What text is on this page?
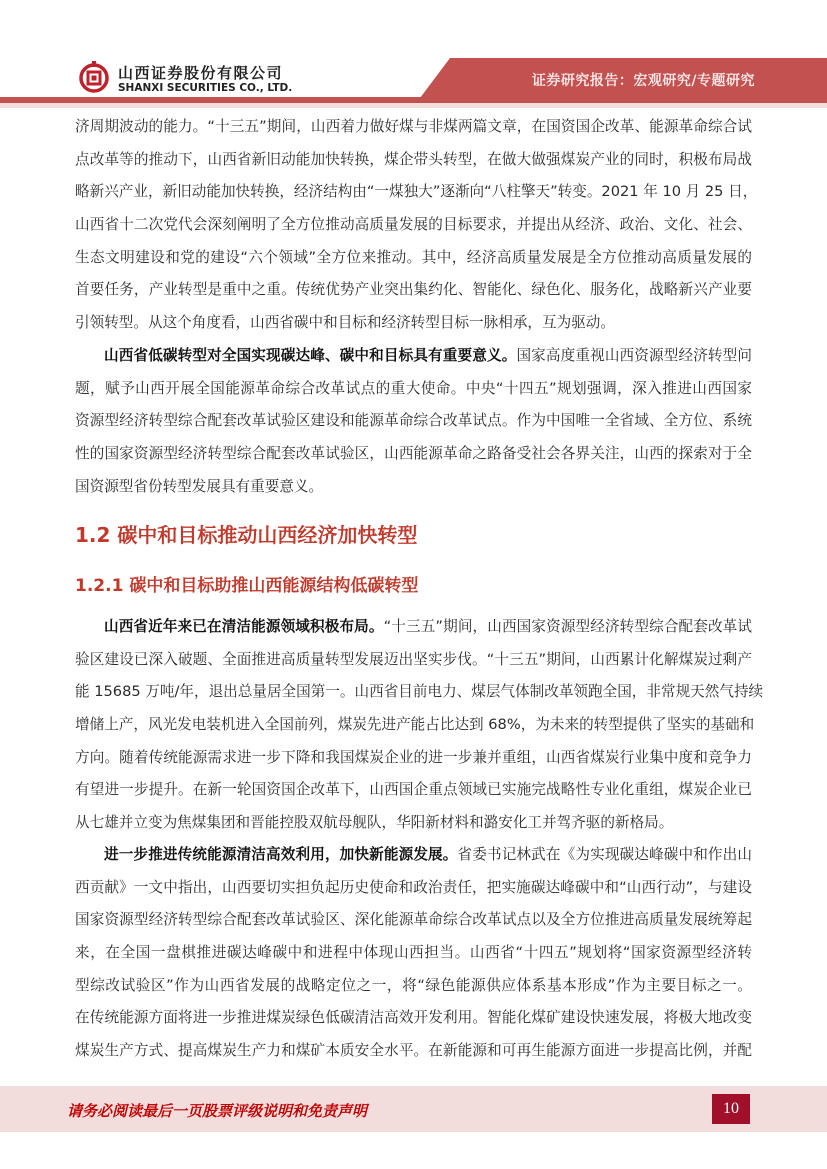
山西证券股份有限公司
SHANXI SECURITIES CO., LTD.	证券研究报告：宏观研究/专题研究
济周期波动的能力。“十三五”期间，山西着力做好煤与非煤两篇文章，在国资国企改革、能源革命综合试
点改革等的推动下，山西省新旧动能加快转换，煤企带头转型，在做大做强煤炭产业的同时，积极布局战
略新兴产业，新旧动能加快转换，经济结构由“一煤独大”逐渐向“八柱擎天”转变。2021 年 10 月 25 日，
山西省十二次党代会深刻阐明了全方位推动高质量发展的目标要求，并提出从经济、政治、文化、社会、
生态文明建设和党的建设“六个领域”全方位来推动。其中，经济高质量发展是全方位推动高质量发展的
首要任务，产业转型是重中之重。传统优势产业突出集约化、智能化、绿色化、服务化，战略新兴产业要
引领转型。从这个角度看，山西省碳中和目标和经济转型目标一脉相承，互为驱动。
山西省低碳转型对全国实现碳达峰、碳中和目标具有重要意义。国家高度重视山西资源型经济转型问
题，赋予山西开展全国能源革命综合改革试点的重大使命。中央“十四五”规划强调，深入推进山西国家
资源型经济转型综合配套改革试验区建设和能源革命综合改革试点。作为中国唯一全省域、全方位、系统
性的国家资源型经济转型综合配套改革试验区，山西能源革命之路备受社会各界关注，山西的探索对于全
国资源型省份转型发展具有重要意义。
1.2 碳中和目标推动山西经济加快转型
1.2.1 碳中和目标助推山西能源结构低碳转型
山西省近年来已在清洁能源领域积极布局。“十三五”期间，山西国家资源型经济转型综合配套改革试
验区建设已深入破题、全面推进高质量转型发展迈出坚实步伐。“十三五”期间，山西累计化解煤炭过剩产
能 15685 万吨/年，退出总量居全国第一。山西省目前电力、煤层气体制改革领跑全国，非常规天然气持续
增储上产，风光发电装机进入全国前列，煤炭先进产能占比达到 68%，为未来的转型提供了坚实的基础和
方向。随着传统能源需求进一步下降和我国煤炭企业的进一步兼并重组，山西省煤炭行业集中度和竞争力
有望进一步提升。在新一轮国资国企改革下，山西国企重点领域已实施完战略性专业化重组，煤炭企业已
从七雄并立变为焦煤集团和晋能控股双航母舰队，华阳新材料和潞安化工并驾齐驱的新格局。
进一步推进传统能源清洁高效利用，加快新能源发展。省委书记林武在《为实现碳达峰碳中和作出山
西贡献》一文中指出，山西要切实担负起历史使命和政治责任，把实施碳达峰碳中和“山西行动”，与建设
国家资源型经济转型综合配套改革试验区、深化能源革命综合改革试点以及全方位推进高质量发展统筹起
来，在全国一盘棋推进碳达峰碳中和进程中体现山西担当。山西省“十四五”规划将“国家资源型经济转
型综改试验区”作为山西省发展的战略定位之一，将“绿色能源供应体系基本形成”作为主要目标之一。
在传统能源方面将进一步推进煤炭绿色低碳清洁高效开发利用。智能化煤矿建设快速发展，将极大地改变
煤炭生产方式、提高煤炭生产力和煤矿本质安全水平。在新能源和可再生能源方面进一步提高比例，并配
请务必阅读最后一页股票评级说明和免责声明	10
